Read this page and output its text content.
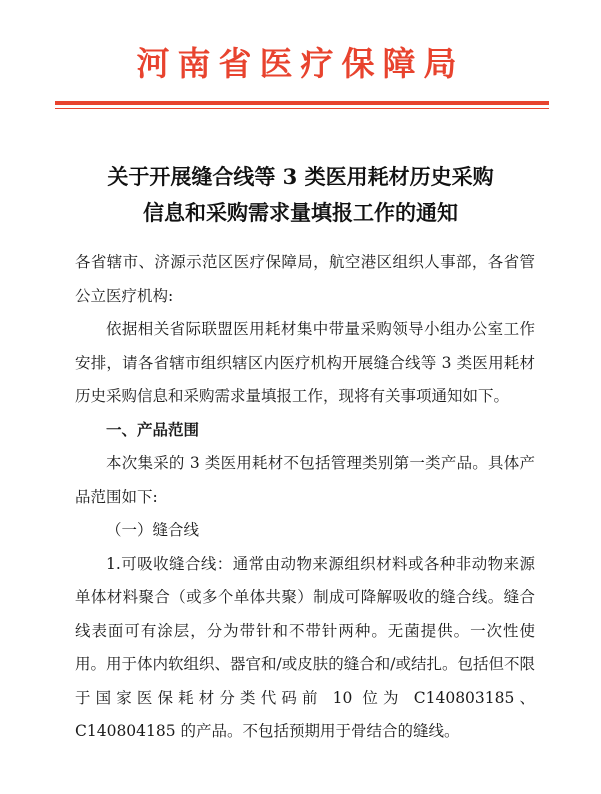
河南省医疗保障局
关于开展缝合线等 3 类医用耗材历史采购
信息和采购需求量填报工作的通知

各省辖市、济源示范区医疗保障局，航空港区组织人事部，各省管公立医疗机构:

依据相关省际联盟医用耗材集中带量采购领导小组办公室工作安排，请各省辖市组织辖区内医疗机构开展缝合线等 3 类医用耗材历史采购信息和采购需求量填报工作，现将有关事项通知如下。

一、产品范围

本次集采的 3 类医用耗材不包括管理类别第一类产品。具体产品范围如下:

（一）缝合线

1.可吸收缝合线：通常由动物来源组织材料或各种非动物来源单体材料聚合（或多个单体共聚）制成可降解吸收的缝合线。缝合线表面可有涂层，分为带针和不带针两种。无菌提供。一次性使用。用于体内软组织、器官和/或皮肤的缝合和/或结扎。包括但不限于国家医保耗材分类代码前 10 位为 C140803185、C140804185 的产品。不包括预期用于骨结合的缝线。
